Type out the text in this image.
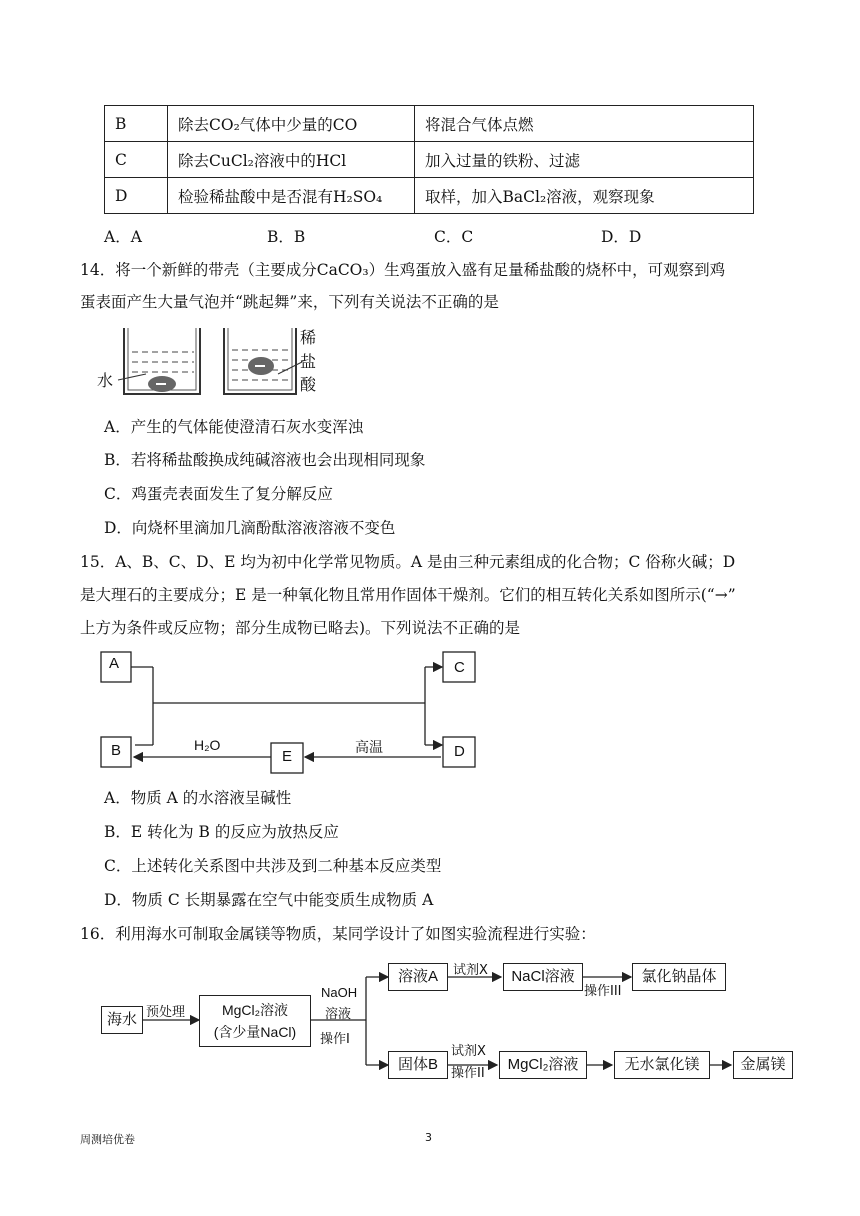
B	除去CO₂气体中少量的CO	将混合气体点燃
C	除去CuCl₂溶液中的HCl	加入过量的铁粉、过滤
D	检验稀盐酸中是否混有H₂SO₄	取样，加入BaCl₂溶液，观察现象
A．A	B．B	C．C	D．D
14．将一个新鲜的带壳（主要成分CaCO₃）生鸡蛋放入盛有足量稀盐酸的烧杯中，可观察到鸡
蛋表面产生大量气泡并“跳起舞”来，下列有关说法不正确的是
水
稀
盐
酸
A．产生的气体能使澄清石灰水变浑浊
B．若将稀盐酸换成纯碱溶液也会出现相同现象
C．鸡蛋壳表面发生了复分解反应
D．向烧杯里滴加几滴酚酞溶液溶液不变色
15．A、B、C、D、E 均为初中化学常见物质。A 是由三种元素组成的化合物；C 俗称火碱；D
是大理石的主要成分；E 是一种氧化物且常用作固体干燥剂。它们的相互转化关系如图所示(“→”
上方为条件或反应物；部分生成物已略去)。下列说法不正确的是
A
B	E
C
D
H₂O	高温
A．物质 A 的水溶液呈碱性
B．E 转化为 B 的反应为放热反应
C．上述转化关系图中共涉及到二种基本反应类型
D．物质 C 长期暴露在空气中能变质生成物质 A
16．利用海水可制取金属镁等物质，某同学设计了如图实验流程进行实验：
海水
MgCl₂溶液
(含少量NaCl)
溶液A	NaCl溶液	氯化钠晶体
固体B	MgCl₂溶液	无水氯化镁	金属镁
预处理
NaOH
溶液
操作I
试剂X
操作III
试剂X
操作II
周测培优卷	3
